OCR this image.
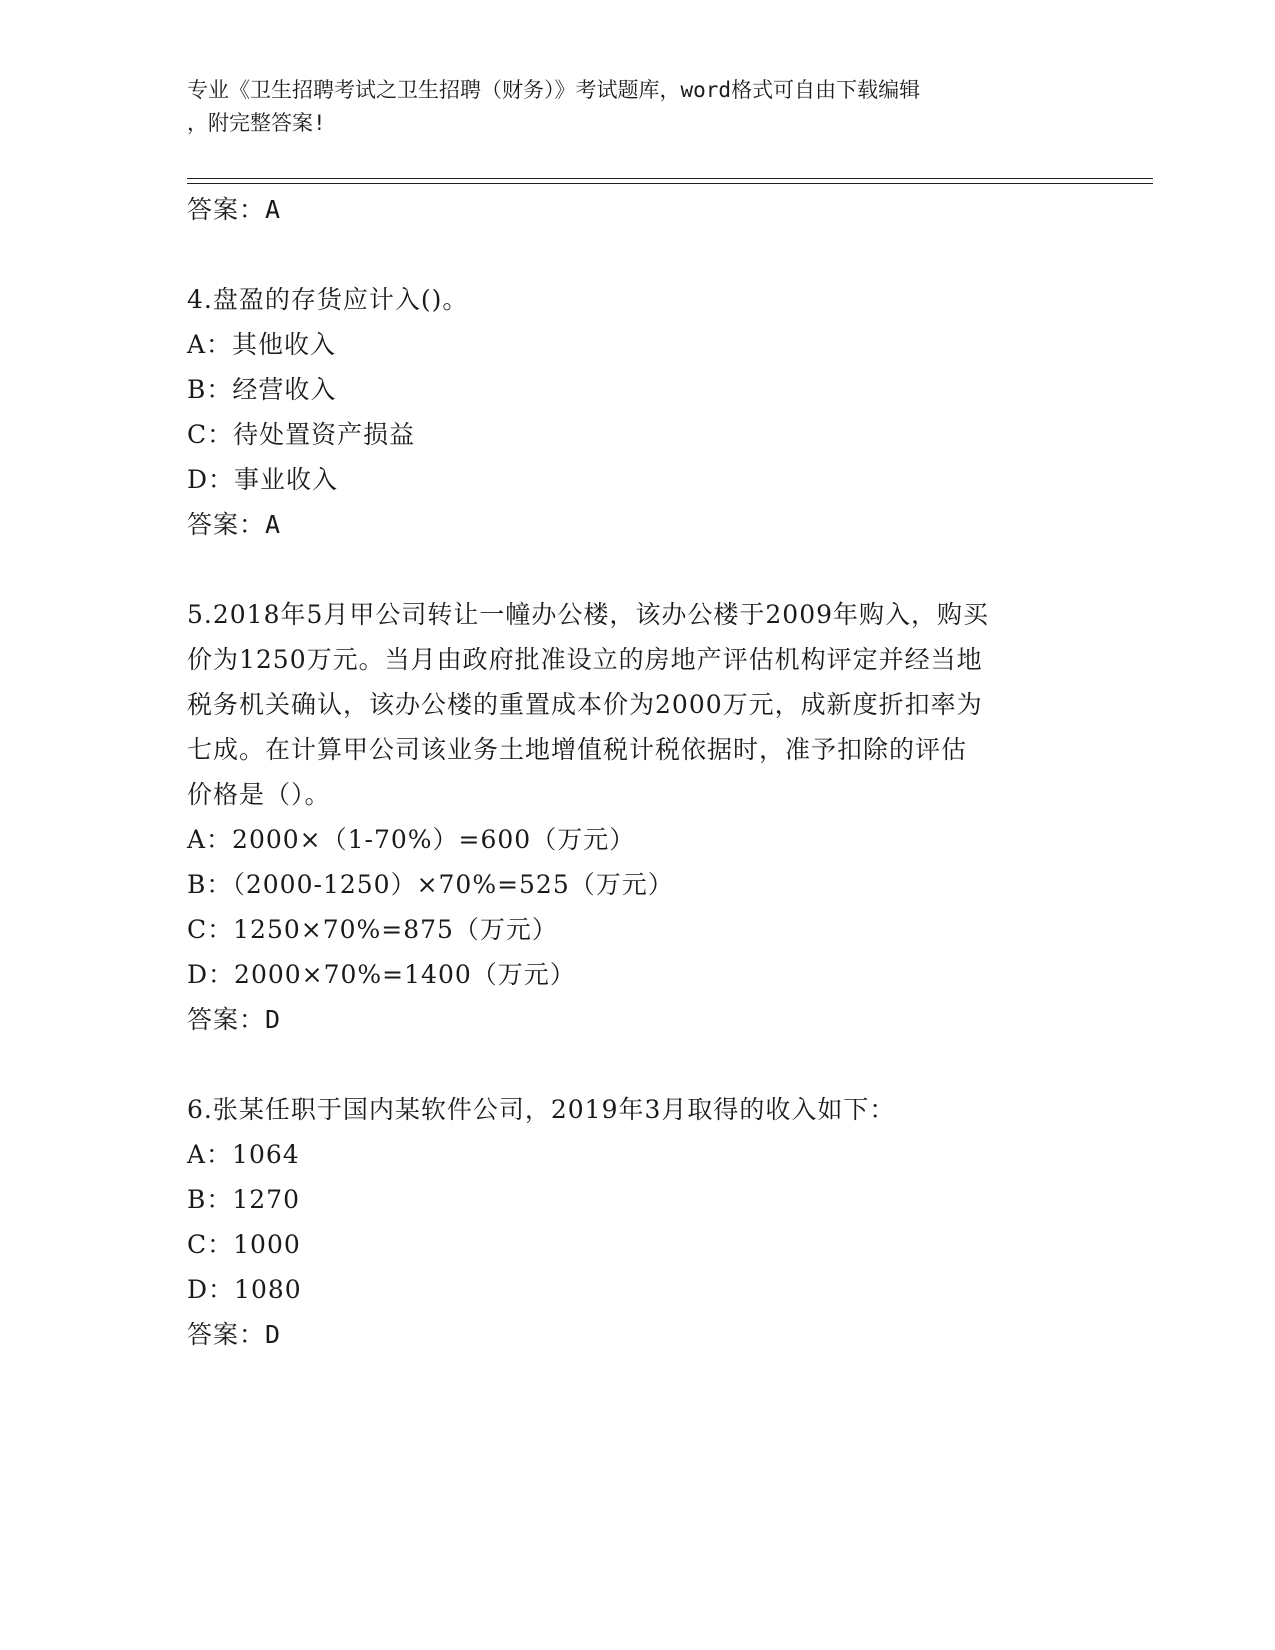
专业《卫生招聘考试之卫生招聘（财务）》考试题库，word格式可自由下载编辑
，附完整答案!
答案：A
4.盘盈的存货应计入()。
A：其他收入
B：经营收入
C：待处置资产损益
D：事业收入
答案：A
5.2018年5月甲公司转让一幢办公楼，该办公楼于2009年购入，购买
价为1250万元。当月由政府批准设立的房地产评估机构评定并经当地
税务机关确认，该办公楼的重置成本价为2000万元，成新度折扣率为
七成。在计算甲公司该业务土地增值税计税依据时，准予扣除的评估
价格是（）。
A：2000×（1-70%）=600（万元）
B：（2000-1250）×70%=525（万元）
C：1250×70%=875（万元）
D：2000×70%=1400（万元）
答案：D
6.张某任职于国内某软件公司，2019年3月取得的收入如下：
A：1064
B：1270
C：1000
D：1080
答案：D
